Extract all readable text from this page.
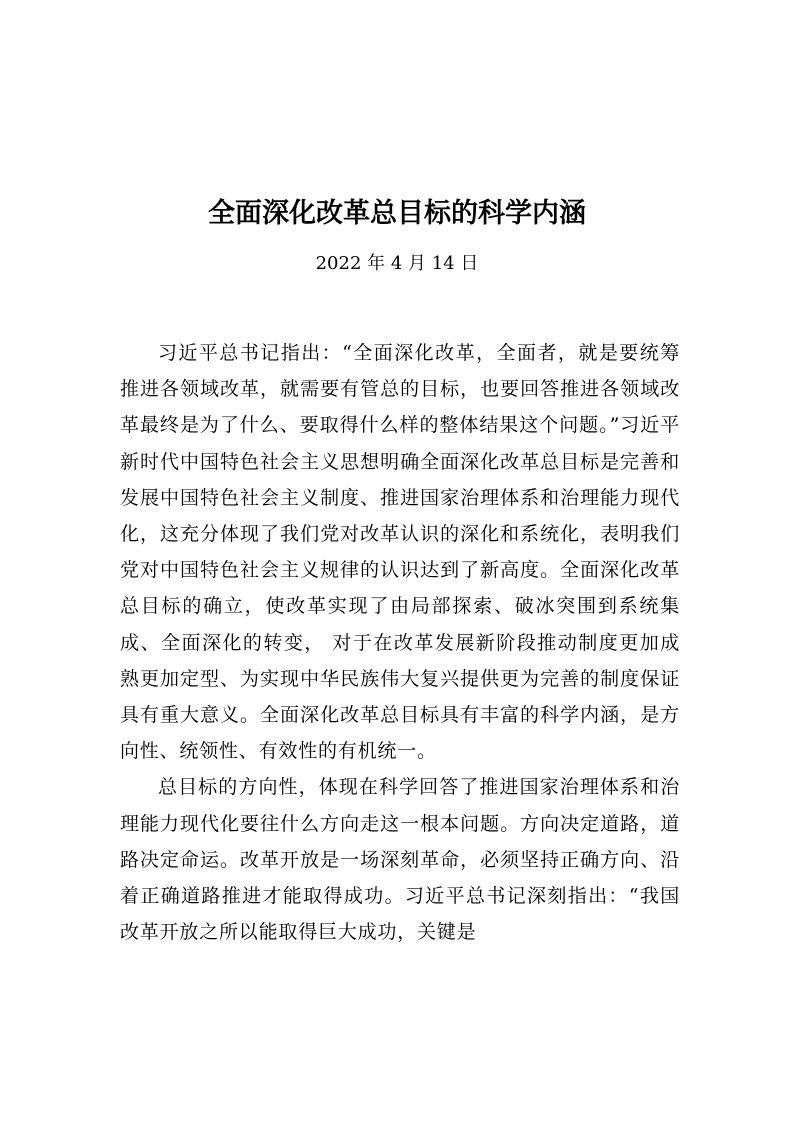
全面深化改革总目标的科学内涵
2022 年 4 月 14 日

习近平总书记指出：“全面深化改革，全面者，就是要统筹推进各领域改革，就需要有管总的目标，也要回答推进各领域改革最终是为了什么、要取得什么样的整体结果这个问题。”习近平新时代中国特色社会主义思想明确全面深化改革总目标是完善和发展中国特色社会主义制度、推进国家治理体系和治理能力现代化，这充分体现了我们党对改革认识的深化和系统化，表明我们党对中国特色社会主义规律的认识达到了新高度。全面深化改革总目标的确立，使改革实现了由局部探索、破冰突围到系统集成、全面深化的转变， 对于在改革发展新阶段推动制度更加成熟更加定型、为实现中华民族伟大复兴提供更为完善的制度保证具有重大意义。全面深化改革总目标具有丰富的科学内涵，是方向性、统领性、有效性的有机统一。

总目标的方向性，体现在科学回答了推进国家治理体系和治理能力现代化要往什么方向走这一根本问题。方向决定道路，道路决定命运。改革开放是一场深刻革命，必须坚持正确方向、沿着正确道路推进才能取得成功。习近平总书记深刻指出：“我国改革开放之所以能取得巨大成功，关键是
